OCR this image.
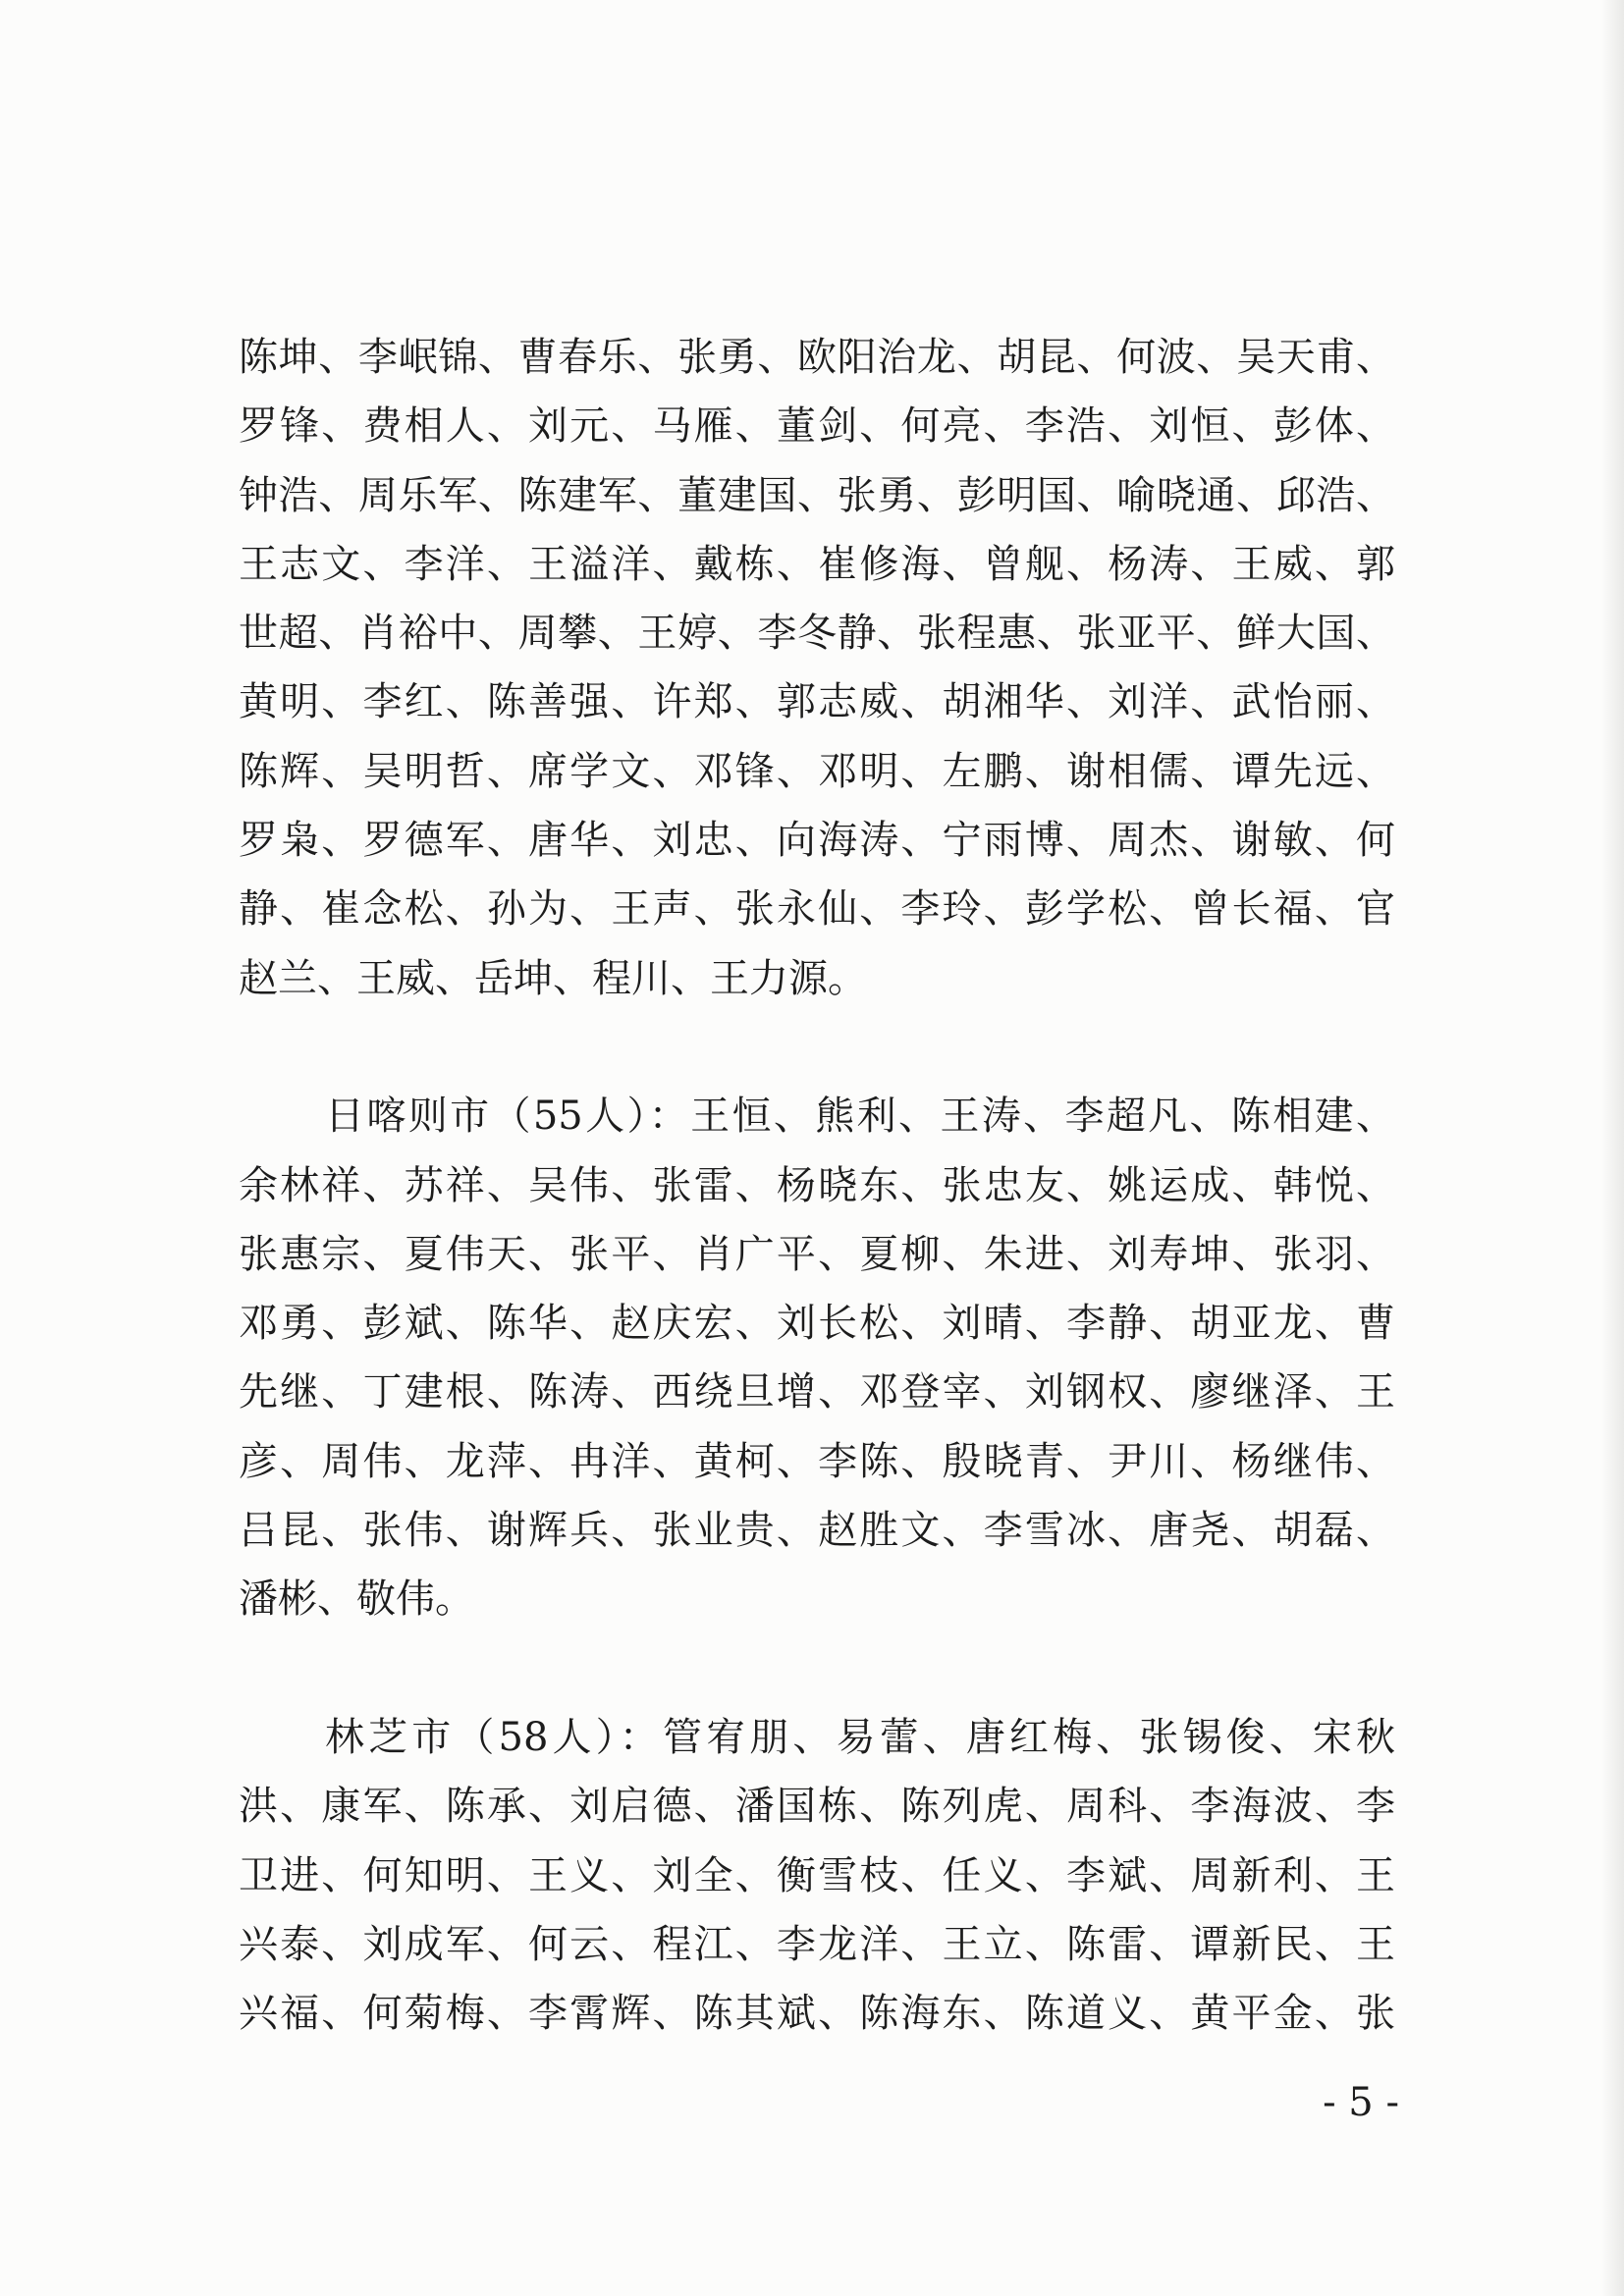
陈坤、李岷锦、曹春乐、张勇、欧阳治龙、胡昆、何波、吴天甫、
罗锋、费相人、刘元、马雁、董剑、何亮、李浩、刘恒、彭体、
钟浩、周乐军、陈建军、董建国、张勇、彭明国、喻晓通、邱浩、
王志文、李洋、王溢洋、戴栋、崔修海、曾舰、杨涛、王威、郭
世超、肖裕中、周攀、王婷、李冬静、张程惠、张亚平、鲜大国、
黄明、李红、陈善强、许郑、郭志威、胡湘华、刘洋、武怡丽、
陈辉、吴明哲、席学文、邓锋、邓明、左鹏、谢相儒、谭先远、
罗枭、罗德军、唐华、刘忠、向海涛、宁雨博、周杰、谢敏、何
静、崔念松、孙为、王声、张永仙、李玲、彭学松、曾长福、官
赵兰、王威、岳坤、程川、王力源。
日喀则市（55人）：王恒、熊利、王涛、李超凡、陈相建、
余林祥、苏祥、吴伟、张雷、杨晓东、张忠友、姚运成、韩悦、
张惠宗、夏伟天、张平、肖广平、夏柳、朱进、刘寿坤、张羽、
邓勇、彭斌、陈华、赵庆宏、刘长松、刘晴、李静、胡亚龙、曹
先继、丁建根、陈涛、西绕旦增、邓登宰、刘钢权、廖继泽、王
彦、周伟、龙萍、冉洋、黄柯、李陈、殷晓青、尹川、杨继伟、
吕昆、张伟、谢辉兵、张业贵、赵胜文、李雪冰、唐尧、胡磊、
潘彬、敬伟。
林芝市（58人）：管宥朋、易蕾、唐红梅、张锡俊、宋秋
洪、康军、陈承、刘启德、潘国栋、陈列虎、周科、李海波、李
卫进、何知明、王义、刘全、衡雪枝、任义、李斌、周新利、王
兴泰、刘成军、何云、程江、李龙洋、王立、陈雷、谭新民、王
兴福、何菊梅、李霄辉、陈其斌、陈海东、陈道义、黄平金、张
- 5 -
